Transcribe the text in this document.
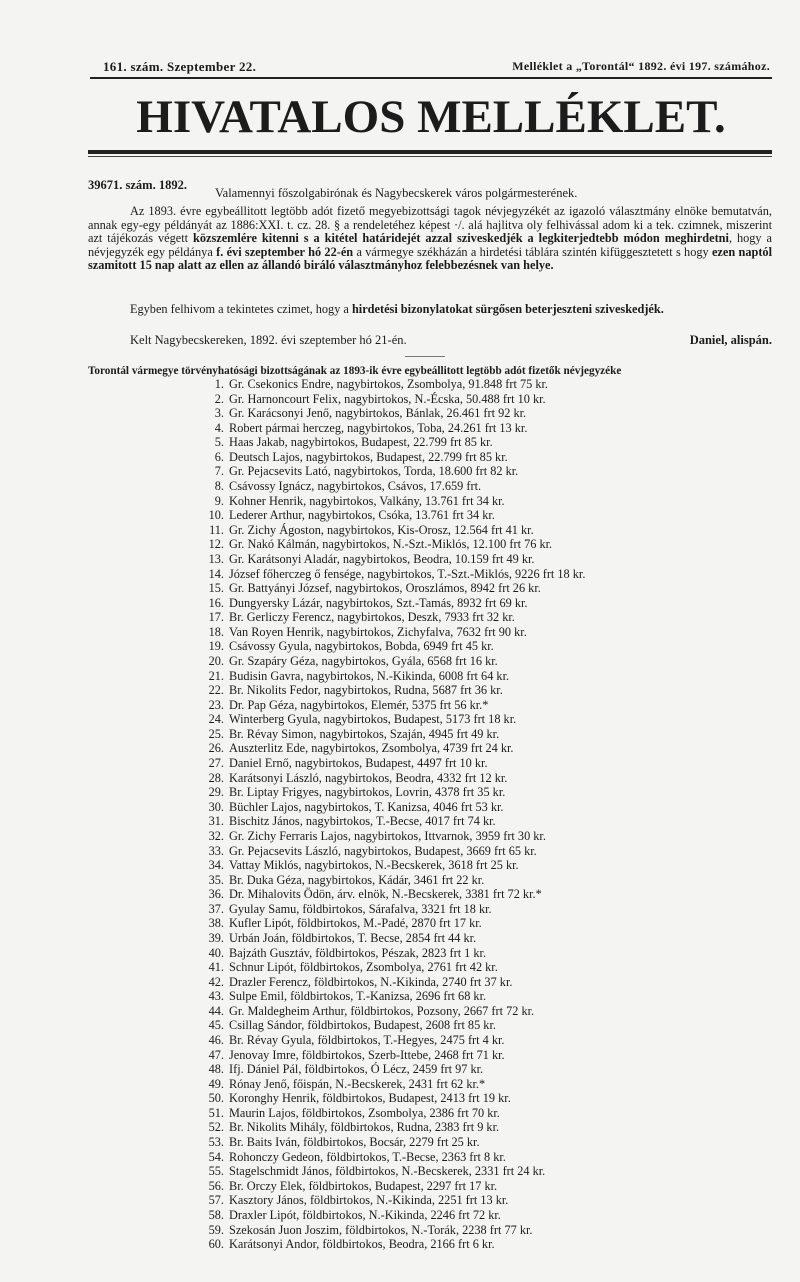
161. szám. Szeptember 22.	Melléklet a „Torontál“ 1892. évi 197. számához.
HIVATALOS MELLÉKLET.
39671. szám. 1892.
Valamennyi főszolgabirónak és Nagybecskerek város polgármesterének.
Az 1893. évre egybeállitott legtöbb adót fizető megyebizottsági tagok névjegyzékét az igazoló választmány elnöke bemutatván, annak egy-egy példányát az 1886:XXI. t. cz. 28. § a rendeletéhez képest ·/. alá hajlitva oly felhivással adom ki a tek. czimnek, miszerint azt tájékozás végett közszemlére kitenni s a kitétel határidejét azzal sziveskedjék a legkiterjedtebb módon meghirdetni, hogy a névjegyzék egy példánya f. évi szeptember hó 22-én a vármegye székházán a hirdetési táblára szintén kifüggesztetett s hogy ezen naptól szamitott 15 nap alatt az ellen az állandó biráló választmányhoz felebbezésnek van helye.
Egyben felhivom a tekintetes czimet, hogy a hirdetési bizonylatokat sürgősen beterjeszteni sziveskedjék.
Kelt Nagybecskereken, 1892. évi szeptember hó 21-én.	Daniel, alispán.
Torontál vármegye törvényhatósági bizottságának az 1893-ik évre egybeállitott legtöbb adót fizetők névjegyzéke
1. Gr. Csekonics Endre, nagybirtokos, Zsombolya, 91.848 frt 75 kr.
2. Gr. Harnoncourt Felix, nagybirtokos, N.-Écska, 50.488 frt 10 kr.
3. Gr. Karácsonyi Jenő, nagybirtokos, Bánlak, 26.461 frt 92 kr.
4. Robert pármai herczeg, nagybirtokos, Toba, 24.261 frt 13 kr.
5. Haas Jakab, nagybirtokos, Budapest, 22.799 frt 85 kr.
6. Deutsch Lajos, nagybirtokos, Budapest, 22.799 frt 85 kr.
7. Gr. Pejacsevits Lató, nagybirtokos, Torda, 18.600 frt 82 kr.
8. Csávossy Ignácz, nagybirtokos, Csávos, 17.659 frt.
9. Kohner Henrik, nagybirtokos, Valkány, 13.761 frt 34 kr.
10. Lederer Arthur, nagybirtokos, Csóka, 13.761 frt 34 kr.
11. Gr. Zichy Ágoston, nagybirtokos, Kis-Orosz, 12.564 frt 41 kr.
12. Gr. Nakó Kálmán, nagybirtokos, N.-Szt.-Miklós, 12.100 frt 76 kr.
13. Gr. Karátsonyi Aladár, nagybirtokos, Beodra, 10.159 frt 49 kr.
14. József főherczeg ő fensége, nagybirtokos, T.-Szt.-Miklós, 9226 frt 18 kr.
15. Gr. Battyányi József, nagybirtokos, Oroszlámos, 8942 frt 26 kr.
16. Dungyersky Lázár, nagybirtokos, Szt.-Tamás, 8932 frt 69 kr.
17. Br. Gerliczy Ferencz, nagybirtokos, Deszk, 7933 frt 32 kr.
18. Van Royen Henrik, nagybirtokos, Zichyfalva, 7632 frt 90 kr.
19. Csávossy Gyula, nagybirtokos, Bobda, 6949 frt 45 kr.
20. Gr. Szapáry Géza, nagybirtokos, Gyála, 6568 frt 16 kr.
21. Budisin Gavra, nagybirtokos, N.-Kikinda, 6008 frt 64 kr.
22. Br. Nikolits Fedor, nagybirtokos, Rudna, 5687 frt 36 kr.
23. Dr. Pap Géza, nagybirtokos, Elemér, 5375 frt 56 kr.*
24. Winterberg Gyula, nagybirtokos, Budapest, 5173 frt 18 kr.
25. Br. Révay Simon, nagybirtokos, Szaján, 4945 frt 49 kr.
26. Auszterlitz Ede, nagybirtokos, Zsombolya, 4739 frt 24 kr.
27. Daniel Ernő, nagybirtokos, Budapest, 4497 frt 10 kr.
28. Karátsonyi László, nagybirtokos, Beodra, 4332 frt 12 kr.
29. Br. Liptay Frigyes, nagybirtokos, Lovrin, 4378 frt 35 kr.
30. Büchler Lajos, nagybirtokos, T. Kanizsa, 4046 frt 53 kr.
31. Bischitz János, nagybirtokos, T.-Becse, 4017 frt 74 kr.
32. Gr. Zichy Ferraris Lajos, nagybirtokos, Ittvarnok, 3959 frt 30 kr.
33. Gr. Pejacsevits László, nagybirtokos, Budapest, 3669 frt 65 kr.
34. Vattay Miklós, nagybirtokos, N.-Becskerek, 3618 frt 25 kr.
35. Br. Duka Géza, nagybirtokos, Kádár, 3461 frt 22 kr.
36. Dr. Mihalovits Ödön, árv. elnök, N.-Becskerek, 3381 frt 72 kr.*
37. Gyulay Samu, földbirtokos, Sárafalva, 3321 frt 18 kr.
38. Kufler Lipót, földbirtokos, M.-Padé, 2870 frt 17 kr.
39. Urbán Joán, földbirtokos, T. Becse, 2854 frt 44 kr.
40. Bajzáth Gusztáv, földbirtokos, Pészak, 2823 frt 1 kr.
41. Schnur Lipót, földbirtokos, Zsombolya, 2761 frt 42 kr.
42. Drazler Ferencz, földbirtokos, N.-Kikinda, 2740 frt 37 kr.
43. Sulpe Emil, földbirtokos, T.-Kanizsa, 2696 frt 68 kr.
44. Gr. Maldegheim Arthur, földbirtokos, Pozsony, 2667 frt 72 kr.
45. Csillag Sándor, földbirtokos, Budapest, 2608 frt 85 kr.
46. Br. Révay Gyula, földbirtokos, T.-Hegyes, 2475 frt 4 kr.
47. Jenovay Imre, földbirtokos, Szerb-Ittebe, 2468 frt 71 kr.
48. Ifj. Dániel Pál, földbirtokos, Ó Lécz, 2459 frt 97 kr.
49. Rónay Jenő, főispán, N.-Becskerek, 2431 frt 62 kr.*
50. Koronghy Henrik, földbirtokos, Budapest, 2413 frt 19 kr.
51. Maurin Lajos, földbirtokos, Zsombolya, 2386 frt 70 kr.
52. Br. Nikolits Mihály, földbirtokos, Rudna, 2383 frt 9 kr.
53. Br. Baits Iván, földbirtokos, Bocsár, 2279 frt 25 kr.
54. Rohonczy Gedeon, földbirtokos, T.-Becse, 2363 frt 8 kr.
55. Stagelschmidt János, földbirtokos, N.-Becskerek, 2331 frt 24 kr.
56. Br. Orczy Elek, földbirtokos, Budapest, 2297 frt 17 kr.
57. Kasztory János, földbirtokos, N.-Kikinda, 2251 frt 13 kr.
58. Draxler Lipót, földbirtokos, N.-Kikinda, 2246 frt 72 kr.
59. Szekosán Juon Joszim, földbirtokos, N.-Torák, 2238 frt 77 kr.
60. Karátsonyi Andor, földbirtokos, Beodra, 2166 frt 6 kr.
